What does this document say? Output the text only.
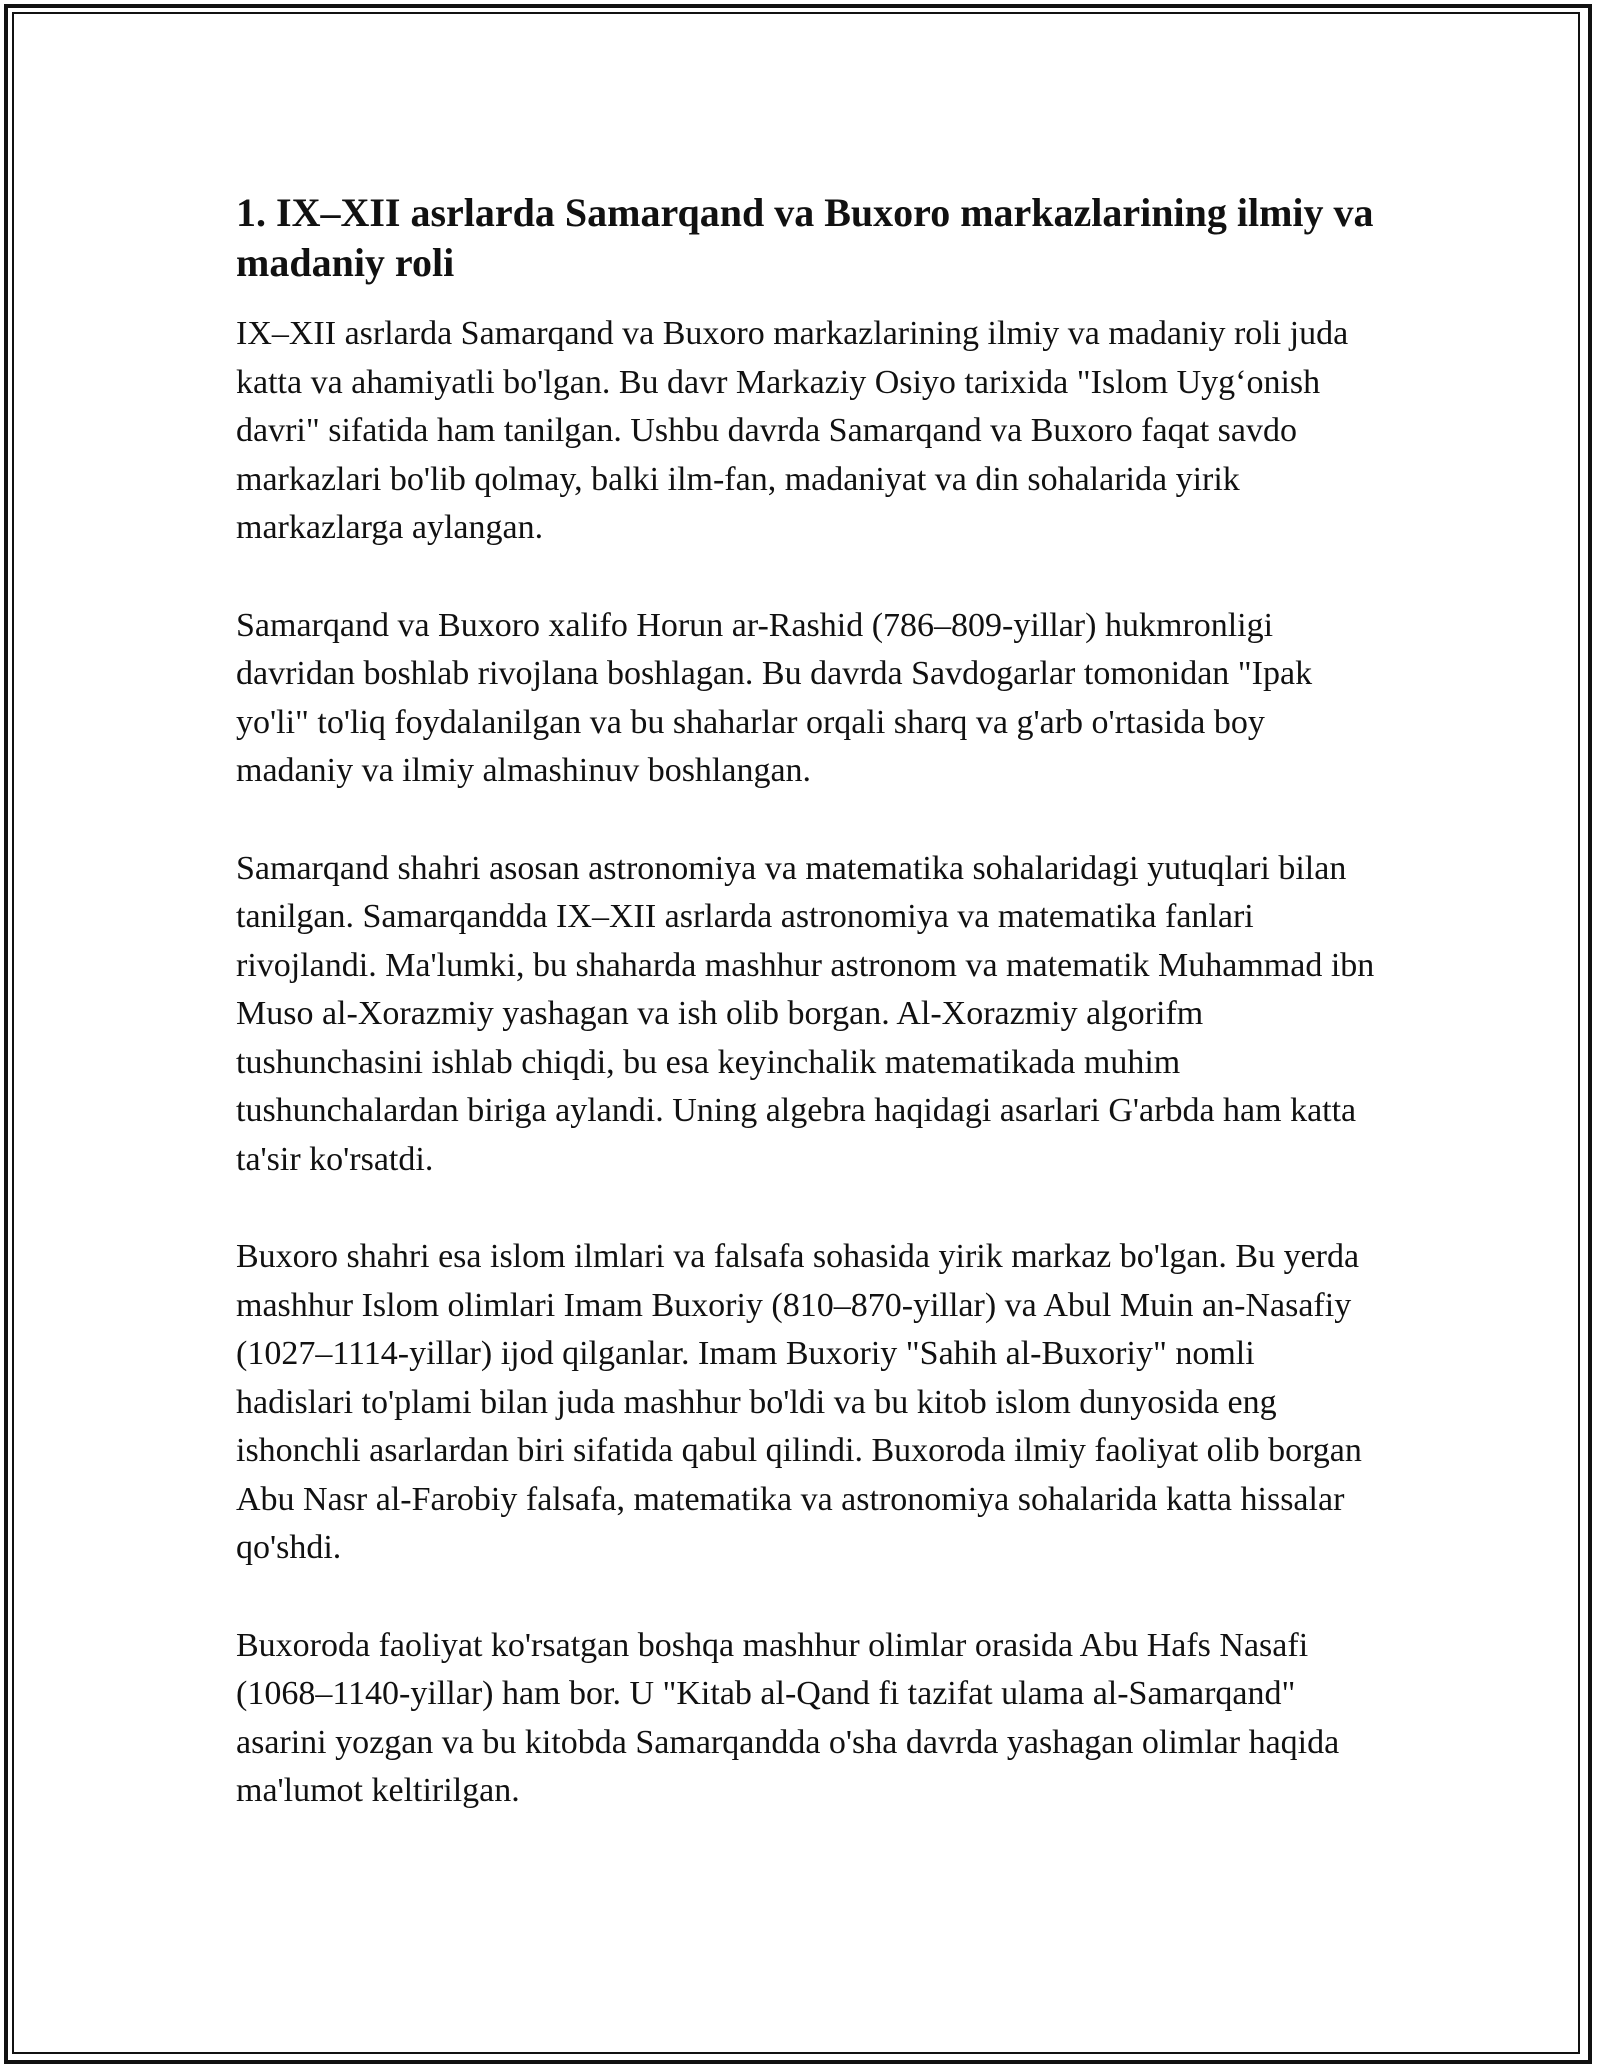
1. IX–XII asrlarda Samarqand va Buxoro markazlarining ilmiy va madaniy roli

IX–XII asrlarda Samarqand va Buxoro markazlarining ilmiy va madaniy roli juda katta va ahamiyatli bo'lgan. Bu davr Markaziy Osiyo tarixida "Islom Uyg‘onish davri" sifatida ham tanilgan. Ushbu davrda Samarqand va Buxoro faqat savdo markazlari bo'lib qolmay, balki ilm-fan, madaniyat va din sohalarida yirik markazlarga aylangan.

Samarqand va Buxoro xalifo Horun ar-Rashid (786–809-yillar) hukmronligi davridan boshlab rivojlana boshlagan. Bu davrda Savdogarlar tomonidan "Ipak yo'li" to'liq foydalanilgan va bu shaharlar orqali sharq va g'arb o'rtasida boy madaniy va ilmiy almashinuv boshlangan.

Samarqand shahri asosan astronomiya va matematika sohalaridagi yutuqlari bilan tanilgan. Samarqandda IX–XII asrlarda astronomiya va matematika fanlari rivojlandi. Ma'lumki, bu shaharda mashhur astronom va matematik Muhammad ibn Muso al-Xorazmiy yashagan va ish olib borgan. Al-Xorazmiy algorifm tushunchasini ishlab chiqdi, bu esa keyinchalik matematikada muhim tushunchalardan biriga aylandi. Uning algebra haqidagi asarlari G'arbda ham katta ta'sir ko'rsatdi.

Buxoro shahri esa islom ilmlari va falsafa sohasida yirik markaz bo'lgan. Bu yerda mashhur Islom olimlari Imam Buxoriy (810–870-yillar) va Abul Muin an-Nasafiy (1027–1114-yillar) ijod qilganlar. Imam Buxoriy "Sahih al-Buxoriy" nomli hadislari to'plami bilan juda mashhur bo'ldi va bu kitob islom dunyosida eng ishonchli asarlardan biri sifatida qabul qilindi. Buxoroda ilmiy faoliyat olib borgan Abu Nasr al-Farobiy falsafa, matematika va astronomiya sohalarida katta hissalar qo'shdi.

Buxoroda faoliyat ko'rsatgan boshqa mashhur olimlar orasida Abu Hafs Nasafi (1068–1140-yillar) ham bor. U "Kitab al-Qand fi tazifat ulama al-Samarqand" asarini yozgan va bu kitobda Samarqandda o'sha davrda yashagan olimlar haqida ma'lumot keltirilgan.
